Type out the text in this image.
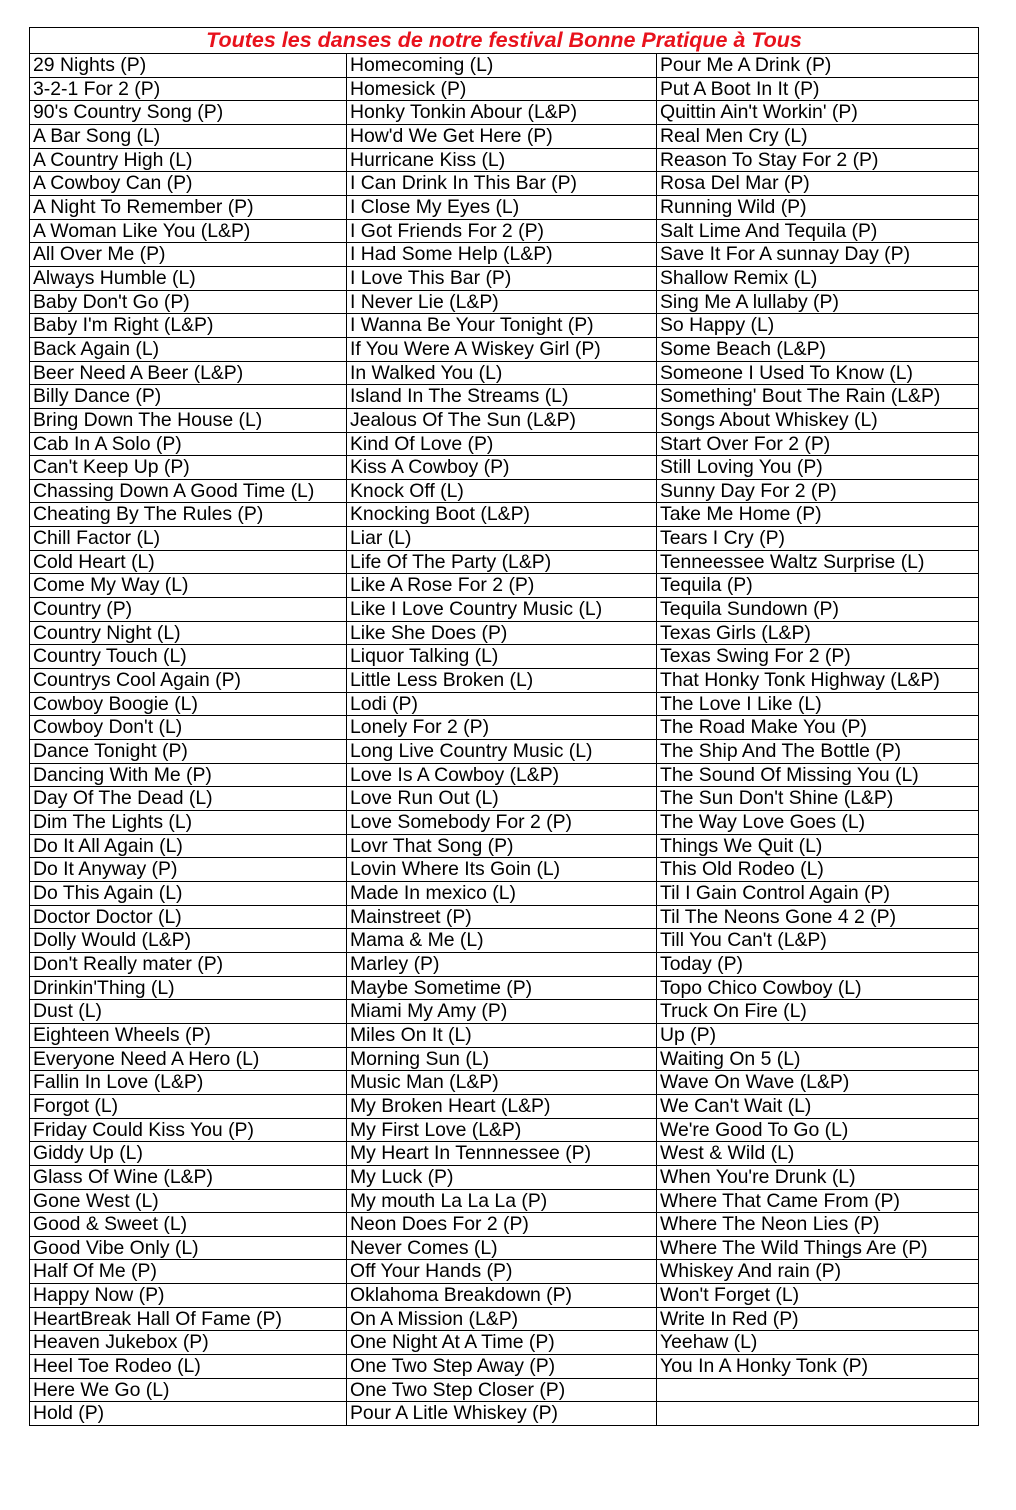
Toutes les danses de notre festival Bonne Pratique à Tous		
29 Nights (P)	Homecoming (L)	Pour Me A Drink (P)
3-2-1 For 2 (P)	Homesick (P)	Put A Boot In It (P)
90's Country Song (P)	Honky Tonkin Abour (L&P)	Quittin Ain't Workin' (P)
A Bar Song (L)	How'd We Get Here (P)	Real Men Cry (L)
A Country High (L)	Hurricane Kiss (L)	Reason To Stay For 2 (P)
A Cowboy Can (P)	I Can Drink In This Bar (P)	Rosa Del Mar (P)
A Night To Remember (P)	I Close My Eyes (L)	Running Wild (P)
A Woman Like You (L&P)	I Got Friends For 2 (P)	Salt Lime And Tequila (P)
All Over Me (P)	I Had Some Help (L&P)	Save It For A sunnay Day (P)
Always Humble (L)	I Love This Bar (P)	Shallow Remix (L)
Baby Don't Go (P)	I Never Lie (L&P)	Sing Me A lullaby (P)
Baby I'm Right (L&P)	I Wanna Be Your Tonight (P)	So Happy (L)
Back Again (L)	If You Were A Wiskey Girl (P)	Some Beach (L&P)
Beer Need A Beer (L&P)	In Walked You (L)	Someone I Used To Know (L)
Billy Dance (P)	Island In The Streams (L)	Something' Bout The Rain (L&P)
Bring Down The House (L)	Jealous Of The Sun (L&P)	Songs About Whiskey (L)
Cab In A Solo (P)	Kind Of Love (P)	Start Over For 2 (P)
Can't Keep Up (P)	Kiss A Cowboy (P)	Still Loving You (P)
Chassing Down A Good Time (L)	Knock Off (L)	Sunny Day For 2 (P)
Cheating By The Rules (P)	Knocking Boot (L&P)	Take Me Home (P)
Chill Factor (L)	Liar (L)	Tears I Cry (P)
Cold Heart (L)	Life Of The Party (L&P)	Tenneessee Waltz Surprise (L)
Come My Way (L)	Like A Rose For 2 (P)	Tequila (P)
Country (P)	Like I Love Country Music (L)	Tequila Sundown (P)
Country Night (L)	Like She Does (P)	Texas Girls (L&P)
Country Touch (L)	Liquor Talking (L)	Texas Swing For 2 (P)
Countrys Cool Again (P)	Little Less Broken (L)	That Honky Tonk Highway (L&P)
Cowboy Boogie (L)	Lodi (P)	The Love I Like (L)
Cowboy Don't (L)	Lonely For 2 (P)	The Road Make You (P)
Dance Tonight (P)	Long Live Country Music (L)	The Ship And The Bottle (P)
Dancing With Me (P)	Love Is A Cowboy (L&P)	The Sound Of Missing You (L)
Day Of The Dead (L)	Love Run Out (L)	The Sun Don't Shine (L&P)
Dim The Lights (L)	Love Somebody For 2 (P)	The Way Love Goes (L)
Do It All Again (L)	Lovr That Song (P)	Things We Quit (L)
Do It Anyway (P)	Lovin Where Its Goin (L)	This Old Rodeo (L)
Do This Again (L)	Made In mexico (L)	Til I Gain Control Again (P)
Doctor Doctor (L)	Mainstreet (P)	Til The Neons Gone 4 2 (P)
Dolly Would (L&P)	Mama & Me (L)	Till You Can't (L&P)
Don't Really mater (P)	Marley (P)	Today (P)
Drinkin'Thing (L)	Maybe Sometime (P)	Topo Chico Cowboy (L)
Dust (L)	Miami My Amy (P)	Truck On Fire (L)
Eighteen Wheels (P)	Miles On It (L)	Up (P)
Everyone Need A Hero (L)	Morning Sun (L)	Waiting On 5 (L)
Fallin In Love (L&P)	Music Man (L&P)	Wave On Wave (L&P)
Forgot (L)	My Broken Heart (L&P)	We Can't Wait (L)
Friday Could Kiss You (P)	My First Love (L&P)	We're Good To Go (L)
Giddy Up (L)	My Heart In Tennnessee (P)	West & Wild (L)
Glass Of Wine (L&P)	My Luck (P)	When You're Drunk (L)
Gone West (L)	My mouth La La La (P)	Where That Came From (P)
Good & Sweet (L)	Neon Does For 2 (P)	Where The Neon Lies (P)
Good Vibe Only (L)	Never Comes (L)	Where The Wild Things Are (P)
Half Of Me (P)	Off Your Hands (P)	Whiskey And rain (P)
Happy Now (P)	Oklahoma Breakdown (P)	Won't Forget (L)
HeartBreak Hall Of Fame (P)	On A Mission (L&P)	Write In Red (P)
Heaven Jukebox (P)	One Night At A Time (P)	Yeehaw (L)
Heel Toe Rodeo (L)	One Two Step Away (P)	You In A Honky Tonk (P)
Here We Go (L)	One Two Step Closer (P)	
Hold (P)	Pour A Litle Whiskey (P)	
